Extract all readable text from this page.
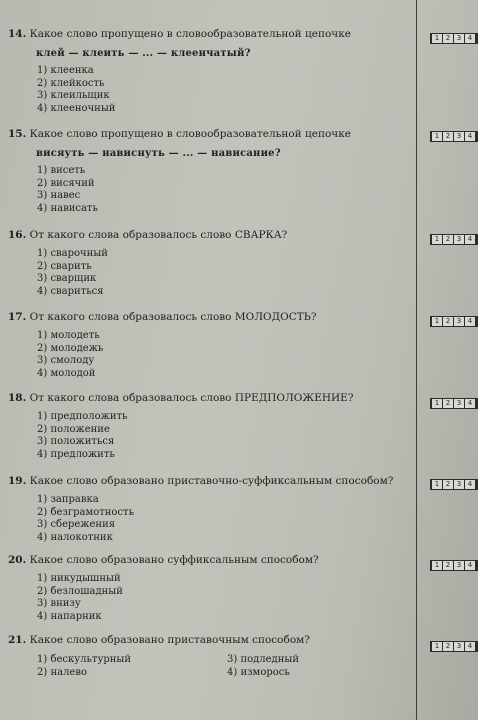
14. Какое слово пропущено в словообразовательной цепочке
клей — клеить — ... — клеенчатый?
1) клеенка
2) клейкость
3) клеильщик
4) клееночный
1 2 3 4
15. Какое слово пропущено в словообразовательной цепочке
висяуть — нависнуть — ... — нависание?
1) висеть
2) висячий
3) навес
4) нависать
1 2 3 4
16. От какого слова образовалось слово СВАРКА?
1) сварочный
2) сварить
3) сварщик
4) свариться
1 2 3 4
17. От какого слова образовалось слово МОЛОДОСТЬ?
1) молодеть
2) молодежь
3) смолоду
4) молодой
1 2 3 4
18. От какого слова образовалось слово ПРЕДПОЛОЖЕНИЕ?
1) предположить
2) положение
3) положиться
4) предложить
1 2 3 4
19. Какое слово образовано приставочно-суффиксальным способом?
1) заправка
2) безграмотность
3) сбережения
4) налокотник
1 2 3 4
20. Какое слово образовано суффиксальным способом?
1) никудышный
2) безлошадный
3) внизу
4) напарник
1 2 3 4
21. Какое слово образовано приставочным способом?
1) бескультурный	3) подледный
2) налево	4) изморось
1 2 3 4
